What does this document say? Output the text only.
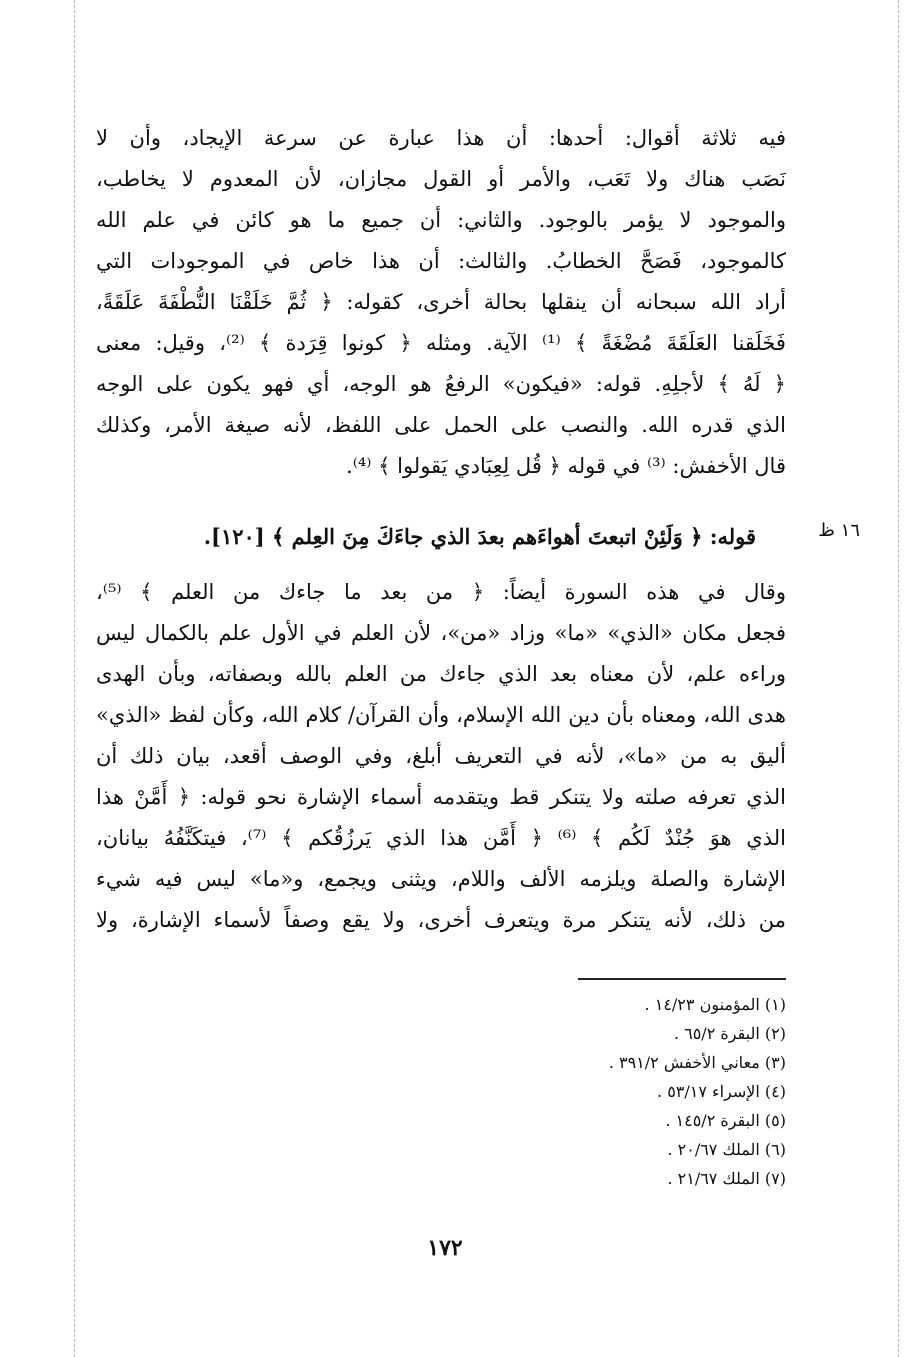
فيه ثلاثة أقوال: أحدها: أن هذا عبارة عن سرعة الإيجاد، وأن لا
نَصَب هناك ولا تَعَب، والأمر أو القول مجازان، لأن المعدوم لا يخاطب،
والموجود لا يؤمر بالوجود. والثاني: أن جميع ما هو كائن في علم الله
كالموجود، فَصَحَّ الخطابُ. والثالث: أن هذا خاص في الموجودات التي
أراد الله سبحانه أن ينقلها بحالة أخرى، كقوله: ﴿ ثُمَّ خَلَقْنَا النُّطْفَةَ عَلَقَةً،
فَخَلَقنا العَلَقَةَ مُضْغَةً ﴾ ⁽¹⁾ الآية. ومثله ﴿ كونوا قِرَدة ﴾ ⁽²⁾، وقيل: معنى
﴿ لَهُ ﴾ لأجلِهِ. قوله: «فيكون» الرفعُ هو الوجه، أي فهو يكون على الوجه
الذي قدره الله. والنصب على الحمل على اللفظ، لأنه صيغة الأمر، وكذلك
قال الأخفش: ⁽³⁾ في قوله ﴿ قُل لِعِبَادي يَقولوا ﴾ ⁽⁴⁾.
١٦ ظ
قوله: ﴿ وَلَئِنْ اتبعتَ أهواءَهم بعدَ الذي جاءَكَ مِنَ العِلم ﴾ [١٢٠].
وقال في هذه السورة أيضاً: ﴿ من بعد ما جاءك من العلم ﴾ ⁽⁵⁾،
فجعل مكان «الذي» «ما» وزاد «من»، لأن العلم في الأول علم بالكمال ليس
وراءه علم، لأن معناه بعد الذي جاءك من العلم بالله وبصفاته، وبأن الهدى
هدى الله، ومعناه بأن دين الله الإسلام، وأن القرآن/ كلام الله، وكأن لفظ «الذي»
أليق به من «ما»، لأنه في التعريف أبلغ، وفي الوصف أقعد، بيان ذلك أن
الذي تعرفه صلته ولا يتنكر قط ويتقدمه أسماء الإشارة نحو قوله: ﴿ أَمَّنْ هذا
الذي هوَ جُنْدٌ لَكُم ﴾ ⁽⁶⁾ ﴿ أَمَّن هذا الذي يَرزُقُكم ﴾ ⁽⁷⁾، فيتكَنَّفُهُ بيانان،
الإشارة والصلة ويلزمه الألف واللام، ويثنى ويجمع، و«ما» ليس فيه شيء
من ذلك، لأنه يتنكر مرة ويتعرف أخرى، ولا يقع وصفاً لأسماء الإشارة، ولا
(١) المؤمنون ١٤/٢٣ .
(٢) البقرة ٦٥/٢ .
(٣) معاني الأخفش ٣٩١/٢ .
(٤) الإسراء ٥٣/١٧ .
(٥) البقرة ١٤٥/٢ .
(٦) الملك ٢٠/٦٧ .
(٧) الملك ٢١/٦٧ .
١٧٢
